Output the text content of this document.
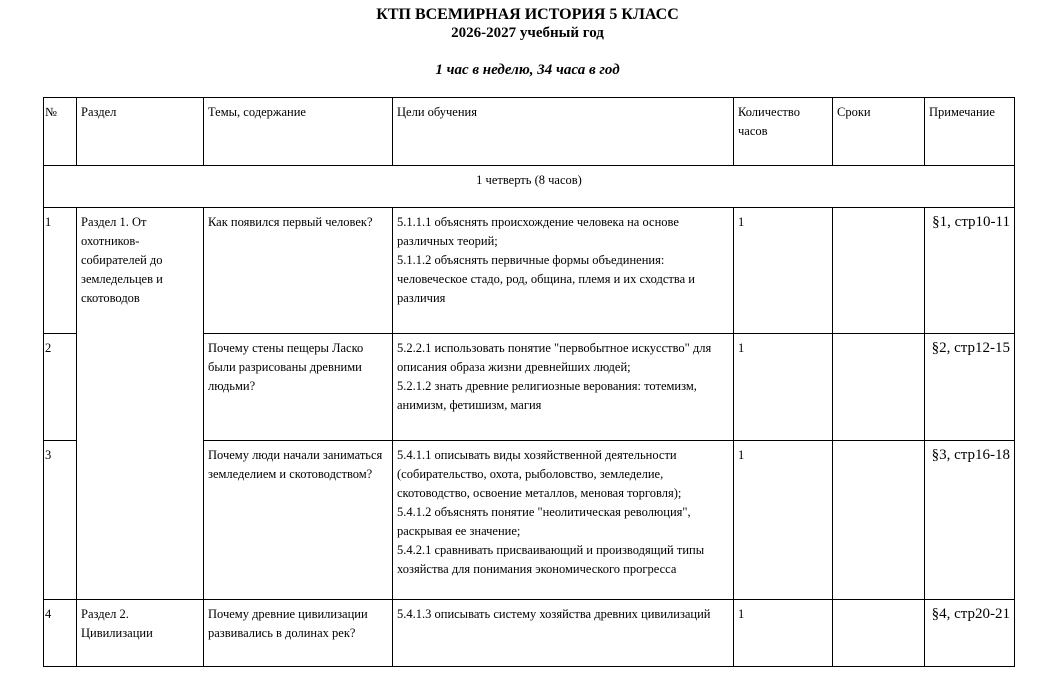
КТП ВСЕМИРНАЯ ИСТОРИЯ 5 КЛАСС
2026-2027 учебный год
1 час в неделю, 34 часа в год
№	Раздел	Темы, содержание	Цели обучения	Количество часов	Сроки	Примечание
1 четверть (8 часов)						
1	Раздел 1. От охотников-собирателей до земледельцев и скотоводов	Как появился первый человек?	5.1.1.1 объяснять происхождение человека на основе различных теорий;
5.1.1.2 объяснять первичные формы объединения: человеческое стадо, род, община, племя и их сходства и различия	1		§1, стр10-11
2		Почему стены пещеры Ласко были разрисованы древними людьми?	5.2.2.1 использовать понятие "первобытное искусство" для описания образа жизни древнейших людей;
5.2.1.2 знать древние религиозные верования: тотемизм, анимизм, фетишизм, магия	1		§2, стр12-15
3		Почему люди начали заниматься земледелием и скотоводством?	5.4.1.1 описывать виды хозяйственной деятельности (собирательство, охота, рыболовство, земледелие, скотоводство, освоение металлов, меновая торговля);
5.4.1.2 объяснять понятие "неолитическая революция", раскрывая ее значение;
5.4.2.1 сравнивать присваивающий и производящий типы хозяйства для понимания экономического прогресса	1		§3, стр16-18
4	Раздел 2. Цивилизации	Почему древние цивилизации развивались в долинах рек?	5.4.1.3 описывать систему хозяйства древних цивилизаций	1		§4, стр20-21
